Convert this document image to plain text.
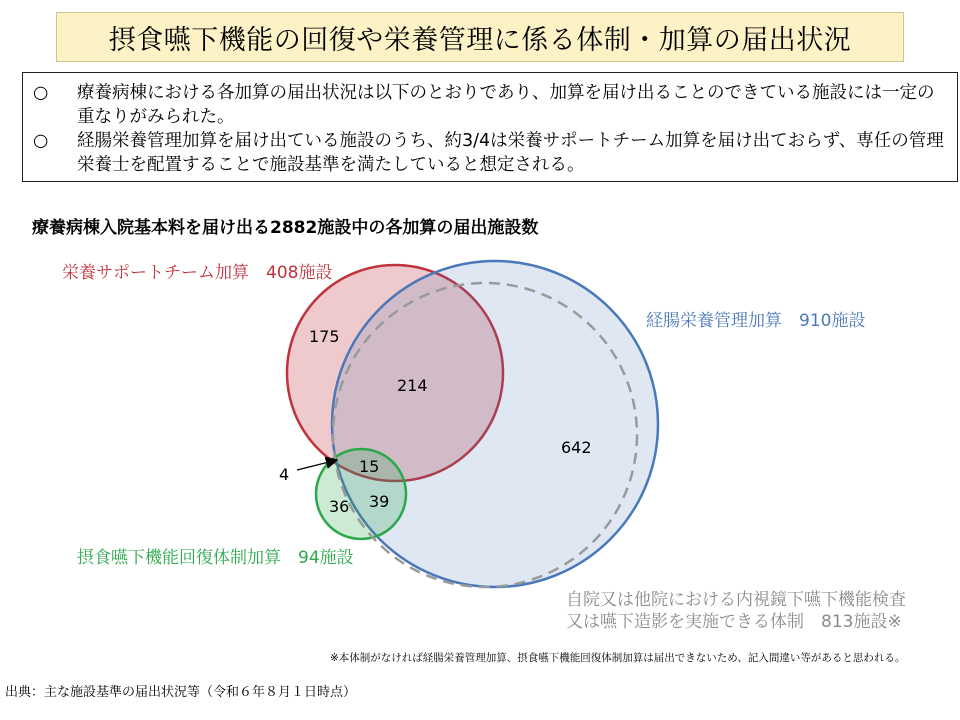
摂食嚥下機能の回復や栄養管理に係る体制・加算の届出状況
○	療養病棟における各加算の届出状況は以下のとおりであり、加算を届け出ることのできている施設には一定の重なりがみられた。
○	経腸栄養管理加算を届け出ている施設のうち、約3/4は栄養サポートチーム加算を届け出ておらず、専任の管理栄養士を配置することで施設基準を満たしていると想定される。
療養病棟入院基本料を届け出る2882施設中の各加算の届出施設数
栄養サポートチーム加算　408施設
経腸栄養管理加算　910施設
摂食嚥下機能回復体制加算　94施設
自院又は他院における内視鏡下嚥下機能検査
又は嚥下造影を実施できる体制　813施設※
175
214
642
15
36 39
4
※本体制がなければ経腸栄養管理加算、摂食嚥下機能回復体制加算は届出できないため、記入間違い等があると思われる。
出典：主な施設基準の届出状況等（令和６年８月１日時点）
